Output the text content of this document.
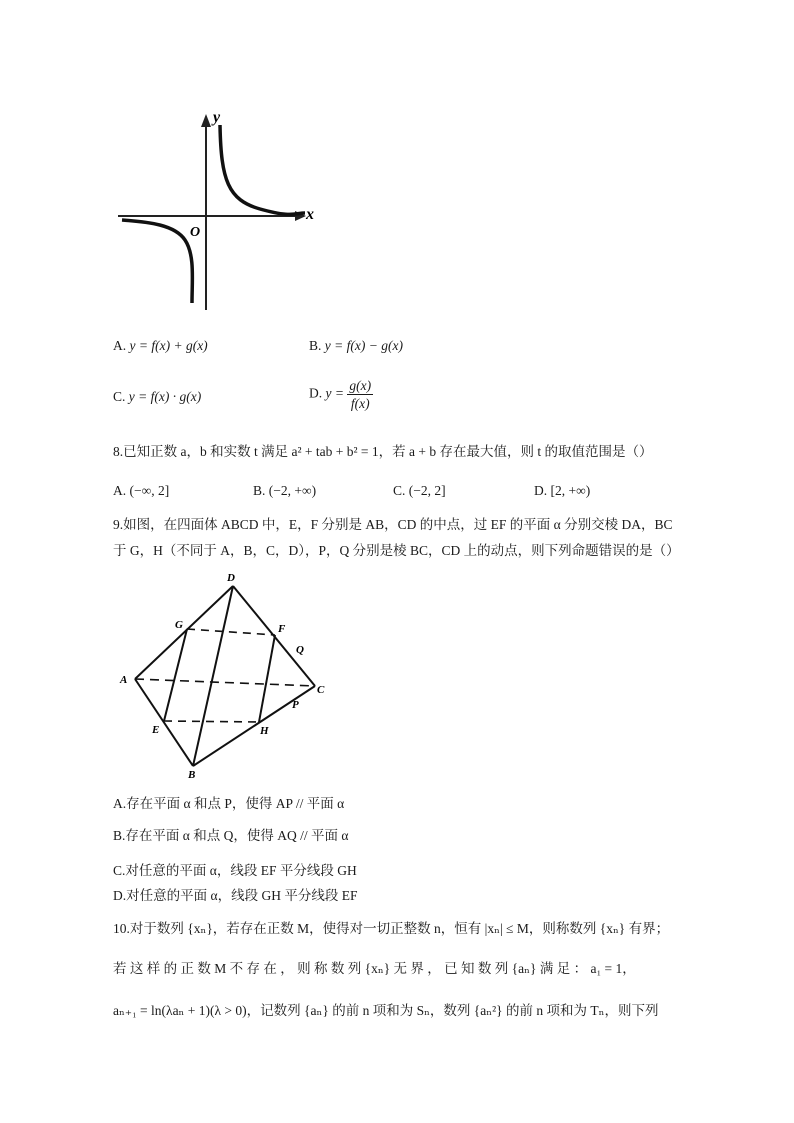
y
x
O
A. y = f(x) + g(x)	B. y = f(x) − g(x)
C. y = f(x) · g(x)	D. $y = \frac{g(x)}{f(x)}$
8.已知正数 a，b 和实数 t 满足 a² + tab + b² = 1，若 a + b 存在最大值，则 t 的取值范围是（）
A. (−∞, 2]	B. (−2, +∞)	C. (−2, 2]	D. [2, +∞)
9.如图，在四面体 ABCD 中，E，F 分别是 AB，CD 的中点，过 EF 的平面 α 分别交棱 DA，BC
于 G，H（不同于 A，B，C，D），P，Q 分别是棱 BC，CD 上的动点，则下列命题错误的是（）
D
G	F
Q
A
C
P
E	H
B
A.存在平面 α 和点 P，使得 AP // 平面 α
B.存在平面 α 和点 Q，使得 AQ // 平面 α
C.对任意的平面 α，线段 EF 平分线段 GH
D.对任意的平面 α，线段 GH 平分线段 EF
10.对于数列 {xₙ}，若存在正数 M，使得对一切正整数 n，恒有 |xₙ| ≤ M，则称数列 {xₙ} 有界；
若 这 样 的 正 数 M 不 存 在 ， 则 称 数 列 {xₙ} 无 界 ， 已 知 数 列 {aₙ} 满 足 ： a₁ = 1，
aₙ₊₁ = ln(λaₙ + 1)(λ > 0)，记数列 {aₙ} 的前 n 项和为 Sₙ，数列 {aₙ²} 的前 n 项和为 Tₙ，则下列
